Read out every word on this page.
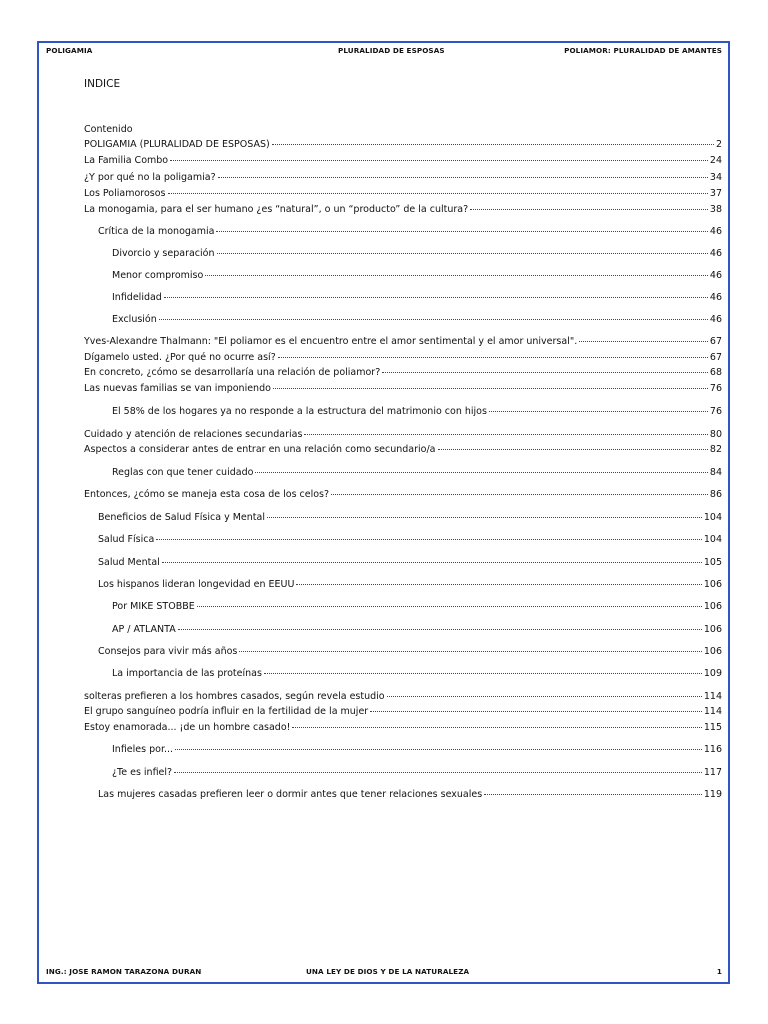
POLIGAMIA	PLURALIDAD DE ESPOSAS	POLIAMOR: PLURALIDAD DE AMANTES
INDICE
Contenido
POLIGAMIA (PLURALIDAD DE ESPOSAS)	2
La Familia Combo	24
¿Y por qué no la poligamia?	34
Los Poliamorosos	37
La monogamia, para el ser humano ¿es “natural”, o un “producto” de la cultura?	38
Crítica de la monogamia	46
Divorcio y separación	46
Menor compromiso	46
Infidelidad	46
Exclusión	46
Yves-Alexandre Thalmann: "El poliamor es el encuentro entre el amor sentimental y el amor universal".	67
Dígamelo usted. ¿Por qué no ocurre así?	67
En concreto, ¿cómo se desarrollaría una relación de poliamor?	68
Las nuevas familias se van imponiendo	76
El 58% de los hogares ya no responde a la estructura del matrimonio con hijos	76
Cuidado y atención de relaciones secundarias	80
Aspectos a considerar antes de entrar en una relación como secundario/a	82
Reglas con que tener cuidado	84
Entonces, ¿cómo se maneja esta cosa de los celos?	86
Beneficios de Salud Física y Mental	104
Salud Física	104
Salud Mental	105
Los hispanos lideran longevidad en EEUU	106
Por MIKE STOBBE	106
AP / ATLANTA	106
Consejos para vivir más años	106
La importancia de las proteínas	109
solteras prefieren a los hombres casados, según revela estudio	114
El grupo sanguíneo podría influir en la fertilidad de la mujer	114
Estoy enamorada... ¡de un hombre casado!	115
Infieles por...	116
¿Te es infiel?	117
Las mujeres casadas prefieren leer o dormir antes que tener relaciones sexuales	119
ING.: JOSE RAMON TARAZONA DURAN	UNA LEY DE DIOS Y DE LA NATURALEZA	1
